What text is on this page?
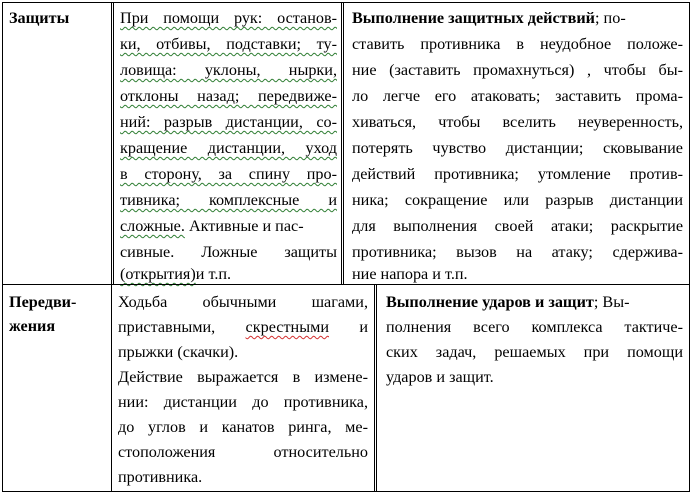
Защиты	При помощи рук: останов-
ки, отбивы, подставки; ту-
ловища: уклоны, нырки,
отклоны назад; передвиже-
ний: разрыв дистанции, со-
кращение дистанции, уход
в сторону, за спину про-
тивника; комплексные и
сложные. Активные и пас-
сивные. Ложные защиты
(открытия)и т.п.
Выполнение защитных действий; по-
ставить противника в неудобное положе-
ние (заставить промахнуться) , чтобы бы-
ло легче его атаковать; заставить прома-
хиваться, чтобы вселить неуверенность,
потерять чувство дистанции; сковывание
действий противника; утомление против-
ника; сокращение или разрыв дистанции
для выполнения своей атаки; раскрытие
противника; вызов на атаку; сдержива-
ние напора и т.п.
Передви-
жения
Ходьба обычными шагами,
приставными, скрестными и
прыжки (скачки).
Действие выражается в измене-
нии: дистанции до противника,
до углов и канатов ринга, ме-
стоположения относительно
противника.
Выполнение ударов и защит; Вы-
полнения всего комплекса тактиче-
ских задач, решаемых при помощи
ударов и защит.
